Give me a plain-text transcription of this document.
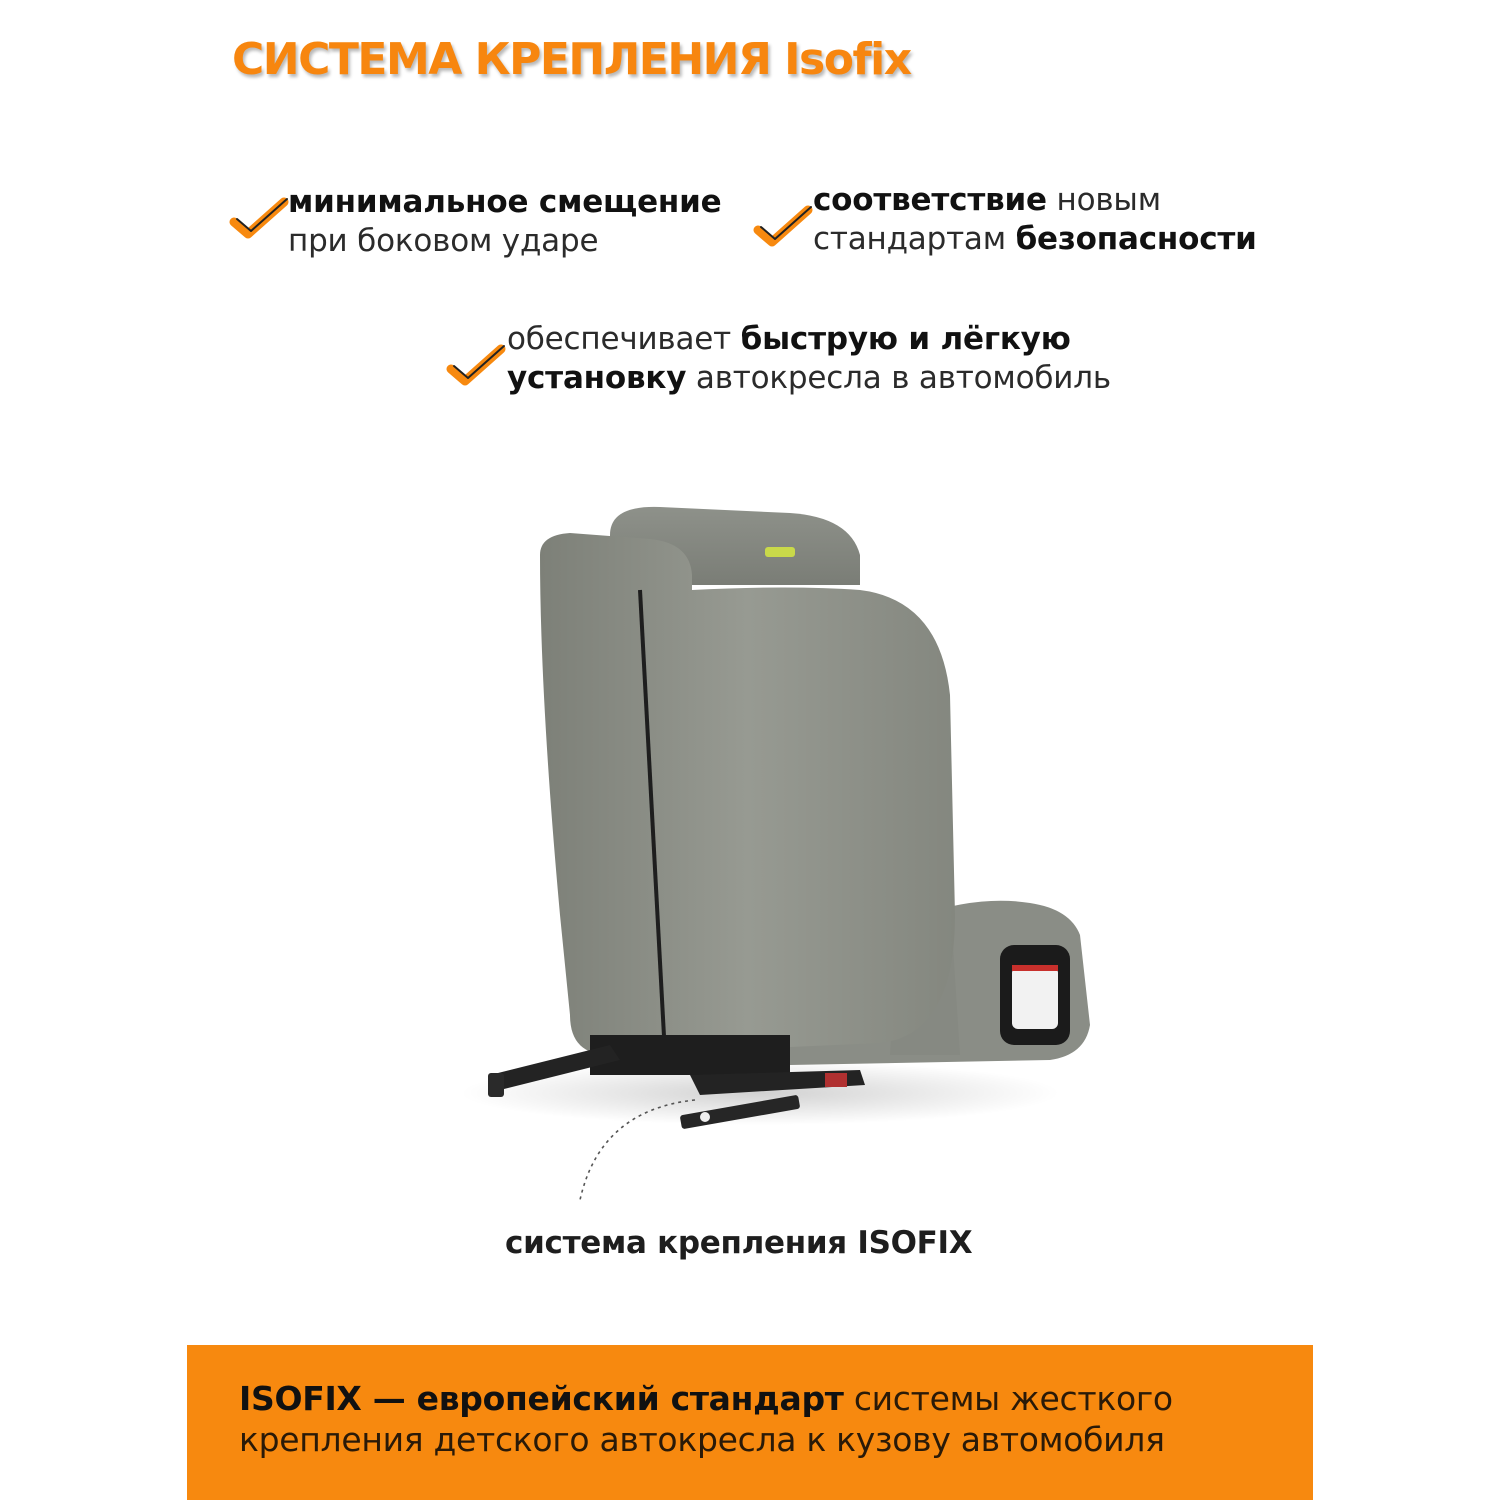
СИСТЕМА КРЕПЛЕНИЯ Isofix
минимальное смещение
при боковом ударе
соответствие новым
стандартам безопасности
обеспечивает быструю и лёгкую
установку автокресла в автомобиль
система крепления ISOFIX
ISOFIX — европейский стандарт системы жесткого
крепления детского автокресла к кузову автомобиля
